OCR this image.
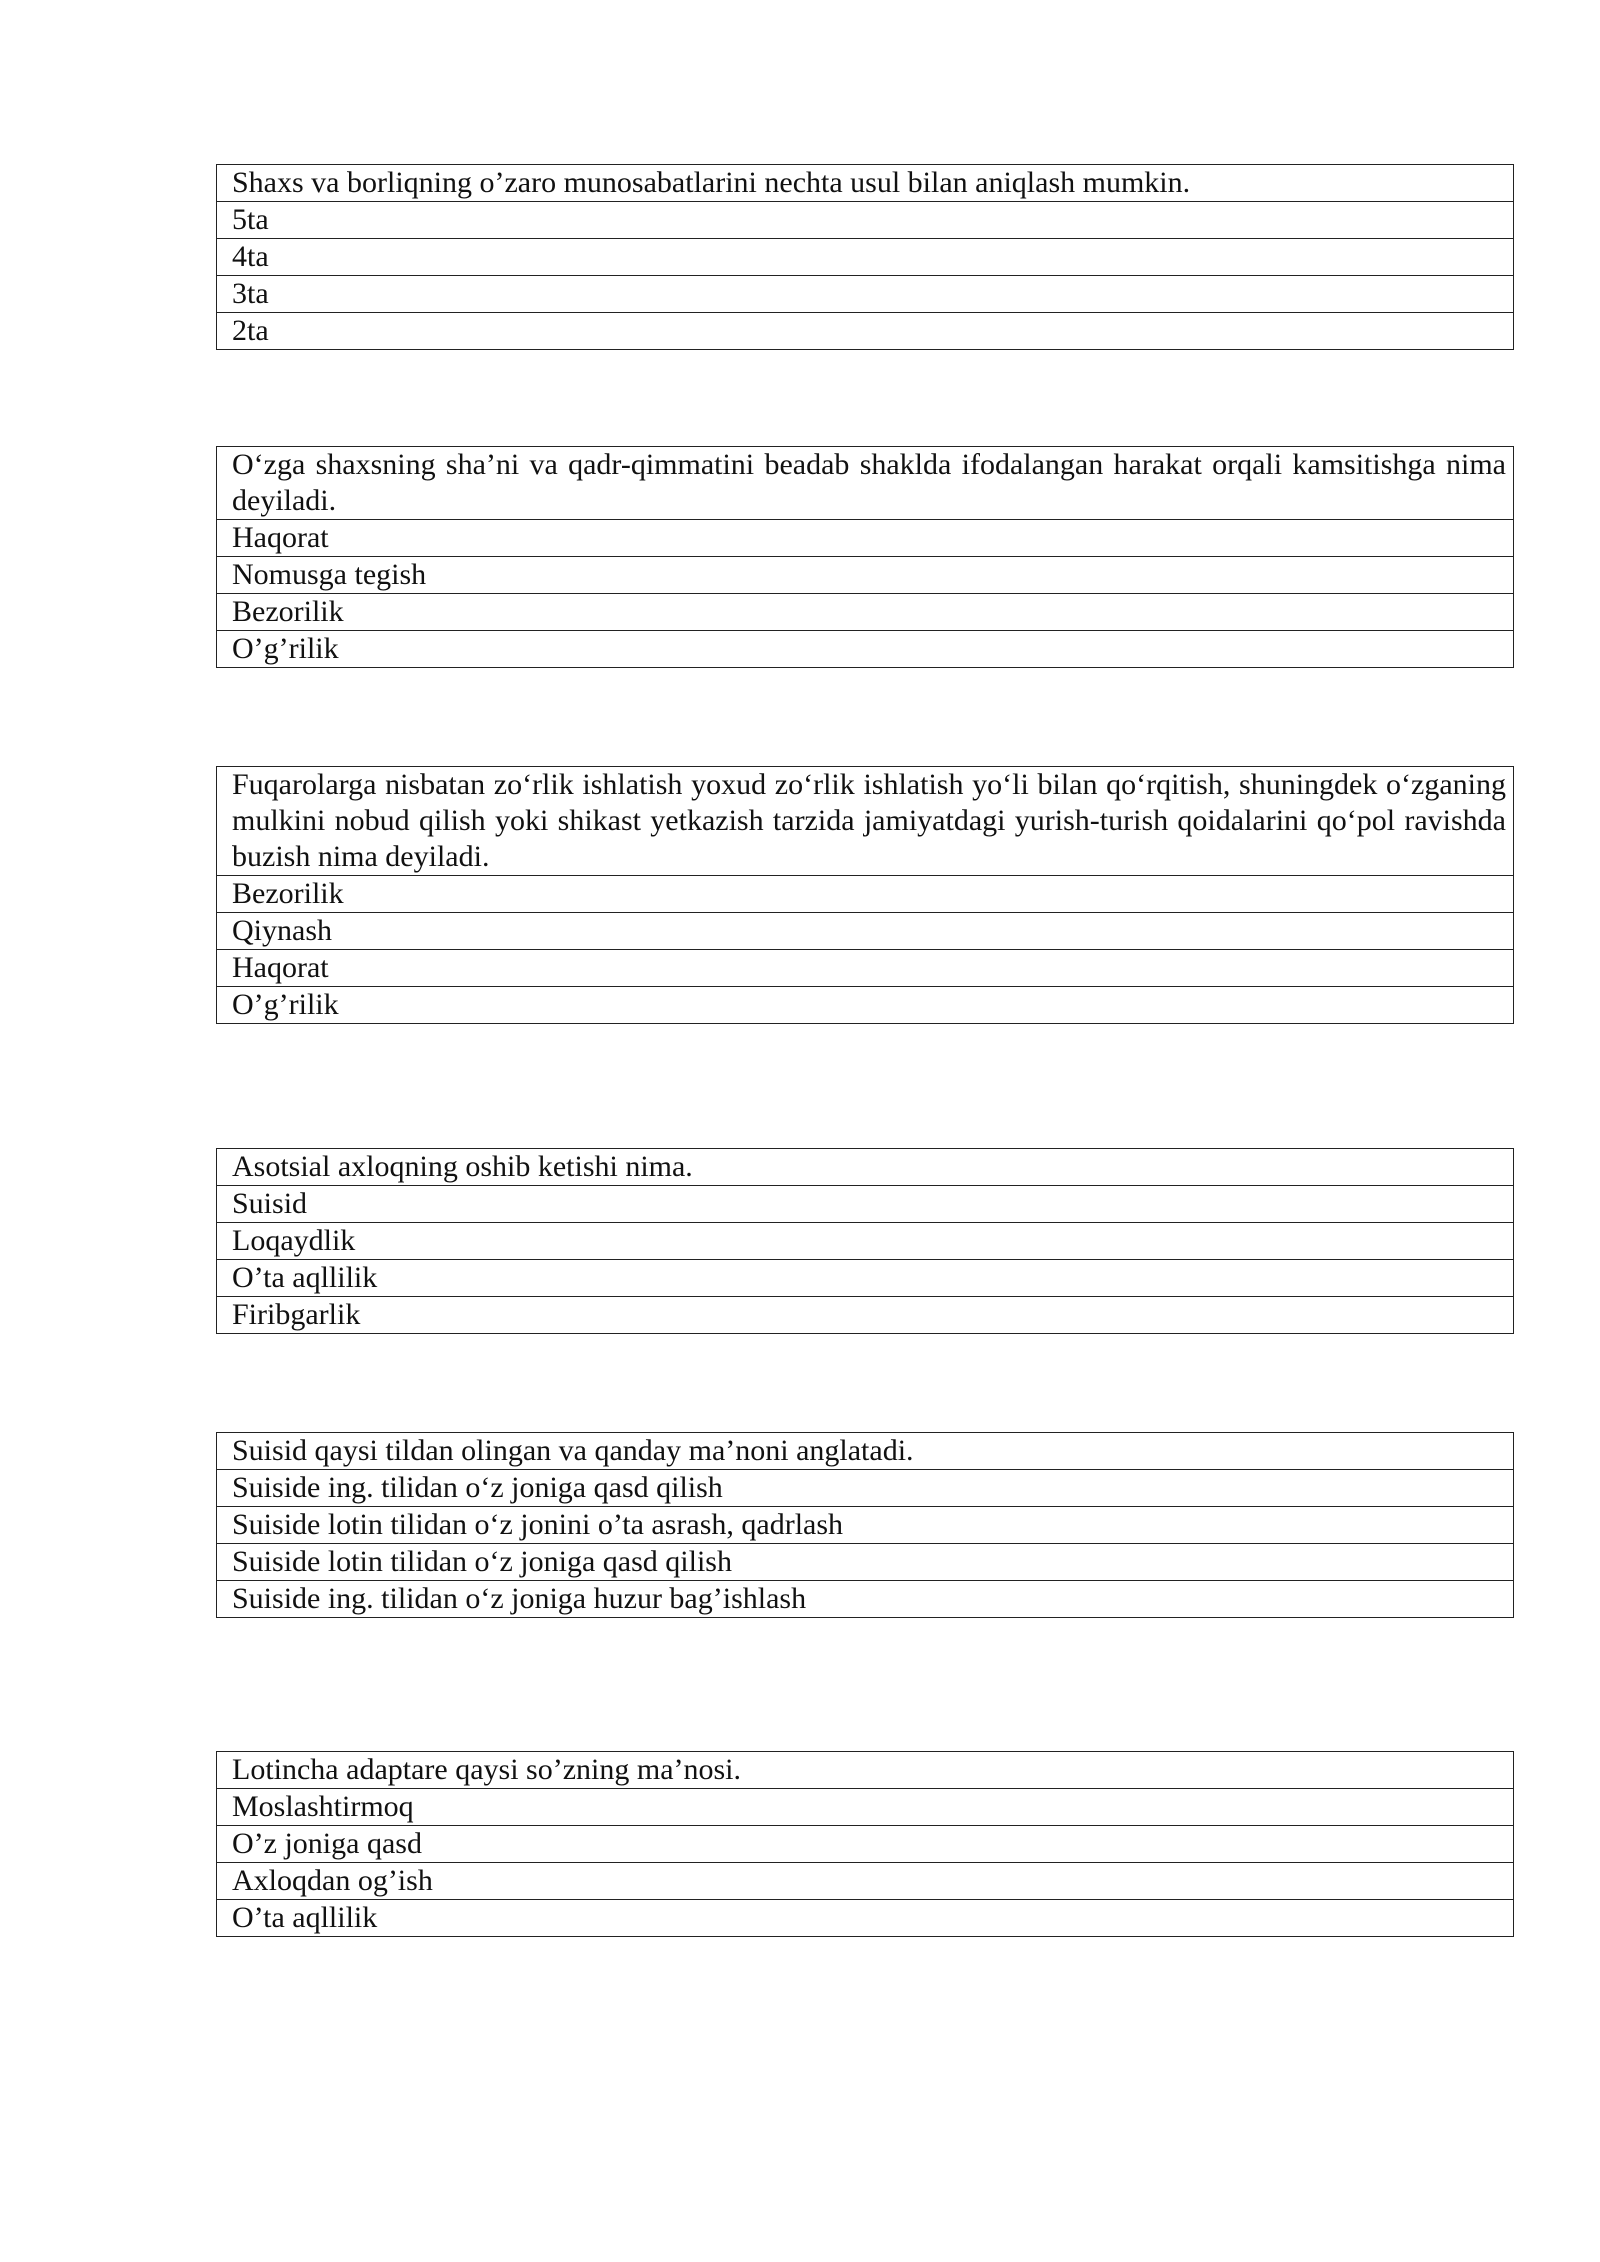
Shaxs va borliqning o’zaro munosabatlarini nechta usul bilan aniqlash mumkin.
5ta
4ta
3ta
2ta
O‘zga shaxsning sha’ni va qadr-qimmatini beadab shaklda ifodalangan harakat orqali kamsitishga nima deyiladi.
Haqorat
Nomusga tegish
Bezorilik
O’g’rilik
Fuqarolarga nisbatan zo‘rlik ishlatish yoxud zo‘rlik ishlatish yo‘li bilan qo‘rqitish, shuningdek o‘zganing mulkini nobud qilish yoki shikast yetkazish tarzida jamiyatdagi yurish-turish qoidalarini qo‘pol ravishda buzish nima deyiladi.
Bezorilik
Qiynash
Haqorat
O’g’rilik
Asotsial axloqning oshib ketishi nima.
Suisid
Loqaydlik
O’ta aqllilik
Firibgarlik
Suisid qaysi tildan olingan va qanday ma’noni anglatadi.
Suiside ing. tilidan o‘z joniga qasd qilish
Suiside lotin tilidan o‘z jonini o’ta asrash, qadrlash
Suiside lotin tilidan o‘z joniga qasd qilish
Suiside ing. tilidan o‘z joniga huzur bag’ishlash
Lotincha adaptare qaysi so’zning ma’nosi.
Moslashtirmoq
O’z joniga qasd
Axloqdan og’ish
O’ta aqllilik
